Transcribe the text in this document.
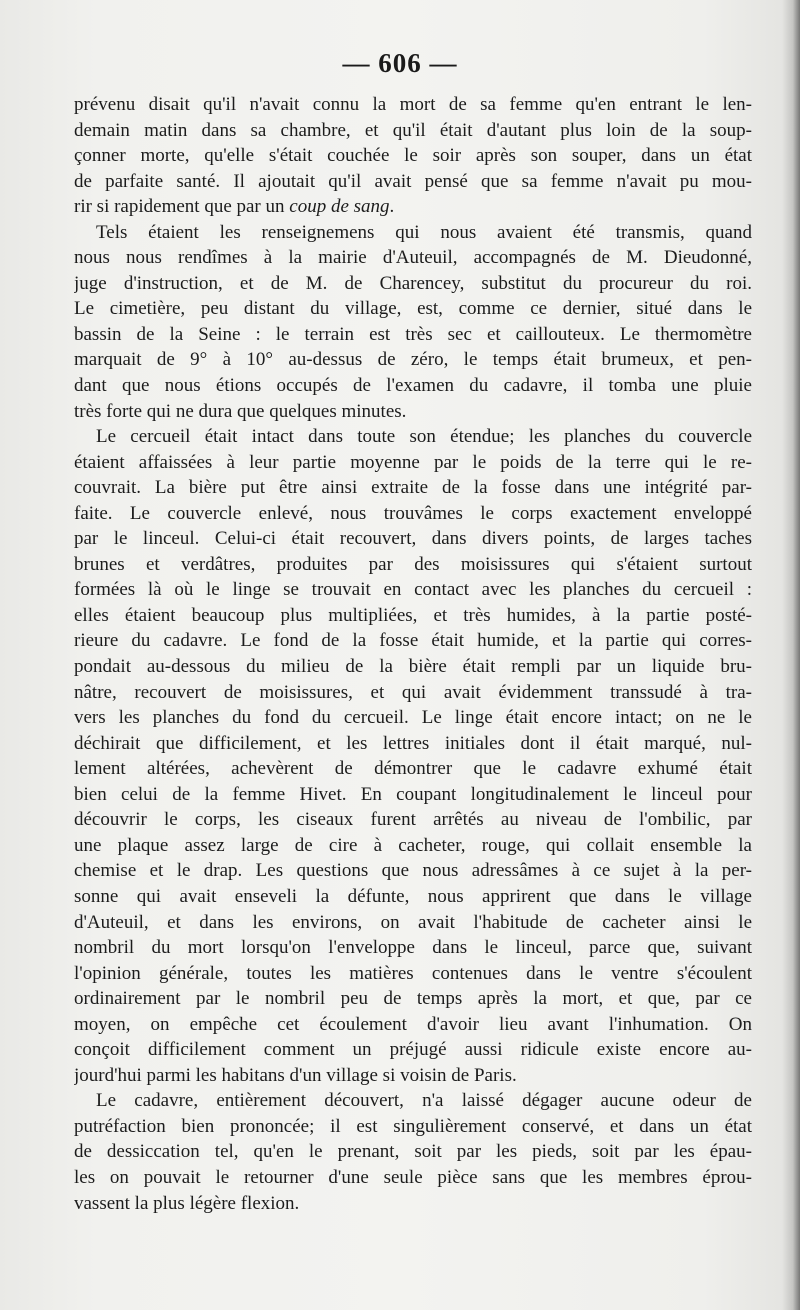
— 606 —

prévenu disait qu'il n'avait connu la mort de sa femme qu'en entrant le len-
demain matin dans sa chambre, et qu'il était d'autant plus loin de la soup-
çonner morte, qu'elle s'était couchée le soir après son souper, dans un état
de parfaite santé. Il ajoutait qu'il avait pensé que sa femme n'avait pu mou-
rir si rapidement que par un coup de sang.

Tels étaient les renseignemens qui nous avaient été transmis, quand
nous nous rendîmes à la mairie d'Auteuil, accompagnés de M. Dieudonné,
juge d'instruction, et de M. de Charencey, substitut du procureur du roi.
Le cimetière, peu distant du village, est, comme ce dernier, situé dans le
bassin de la Seine : le terrain est très sec et caillouteux. Le thermomètre
marquait de 9° à 10° au-dessus de zéro, le temps était brumeux, et pen-
dant que nous étions occupés de l'examen du cadavre, il tomba une pluie
très forte qui ne dura que quelques minutes.

Le cercueil était intact dans toute son étendue; les planches du couvercle
étaient affaissées à leur partie moyenne par le poids de la terre qui le re-
couvrait. La bière put être ainsi extraite de la fosse dans une intégrité par-
faite. Le couvercle enlevé, nous trouvâmes le corps exactement enveloppé
par le linceul. Celui-ci était recouvert, dans divers points, de larges taches
brunes et verdâtres, produites par des moisissures qui s'étaient surtout
formées là où le linge se trouvait en contact avec les planches du cercueil :
elles étaient beaucoup plus multipliées, et très humides, à la partie posté-
rieure du cadavre. Le fond de la fosse était humide, et la partie qui corres-
pondait au-dessous du milieu de la bière était rempli par un liquide bru-
nâtre, recouvert de moisissures, et qui avait évidemment transsudé à tra-
vers les planches du fond du cercueil. Le linge était encore intact; on ne le
déchirait que difficilement, et les lettres initiales dont il était marqué, nul-
lement altérées, achevèrent de démontrer que le cadavre exhumé était
bien celui de la femme Hivet. En coupant longitudinalement le linceul pour
découvrir le corps, les ciseaux furent arrêtés au niveau de l'ombilic, par
une plaque assez large de cire à cacheter, rouge, qui collait ensemble la
chemise et le drap. Les questions que nous adressâmes à ce sujet à la per-
sonne qui avait enseveli la défunte, nous apprirent que dans le village
d'Auteuil, et dans les environs, on avait l'habitude de cacheter ainsi le
nombril du mort lorsqu'on l'enveloppe dans le linceul, parce que, suivant
l'opinion générale, toutes les matières contenues dans le ventre s'écoulent
ordinairement par le nombril peu de temps après la mort, et que, par ce
moyen, on empêche cet écoulement d'avoir lieu avant l'inhumation. On
conçoit difficilement comment un préjugé aussi ridicule existe encore au-
jourd'hui parmi les habitans d'un village si voisin de Paris.

Le cadavre, entièrement découvert, n'a laissé dégager aucune odeur de
putréfaction bien prononcée; il est singulièrement conservé, et dans un état
de dessiccation tel, qu'en le prenant, soit par les pieds, soit par les épau-
les on pouvait le retourner d'une seule pièce sans que les membres éprou-
vassent la plus légère flexion.
